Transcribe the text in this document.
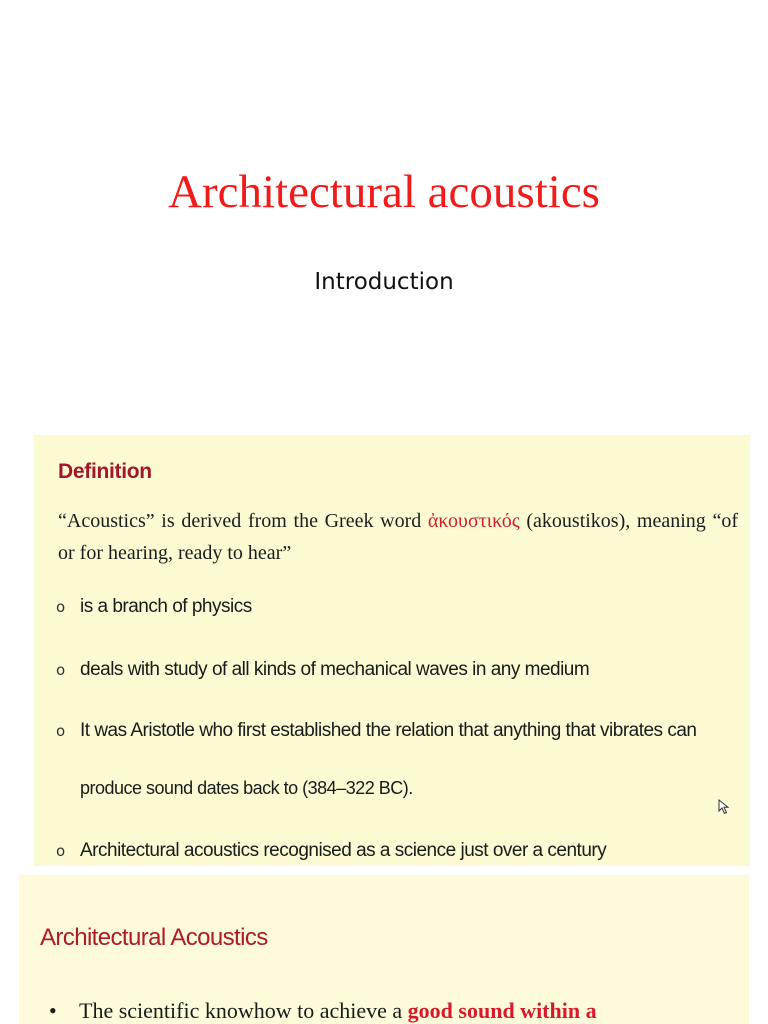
Architectural acoustics
Introduction
Definition
“Acoustics” is derived from the Greek word ἀκουστικός (akoustikos), meaning “of or for hearing, ready to hear”
o is a branch of physics
o deals with study of all kinds of mechanical waves in any medium
o It was Aristotle who first established the relation that anything that vibrates can
produce sound dates back to (384–322 BC).
o Architectural acoustics recognised as a science just over a century
Architectural Acoustics
• The scientific knowhow to achieve a good sound within a
